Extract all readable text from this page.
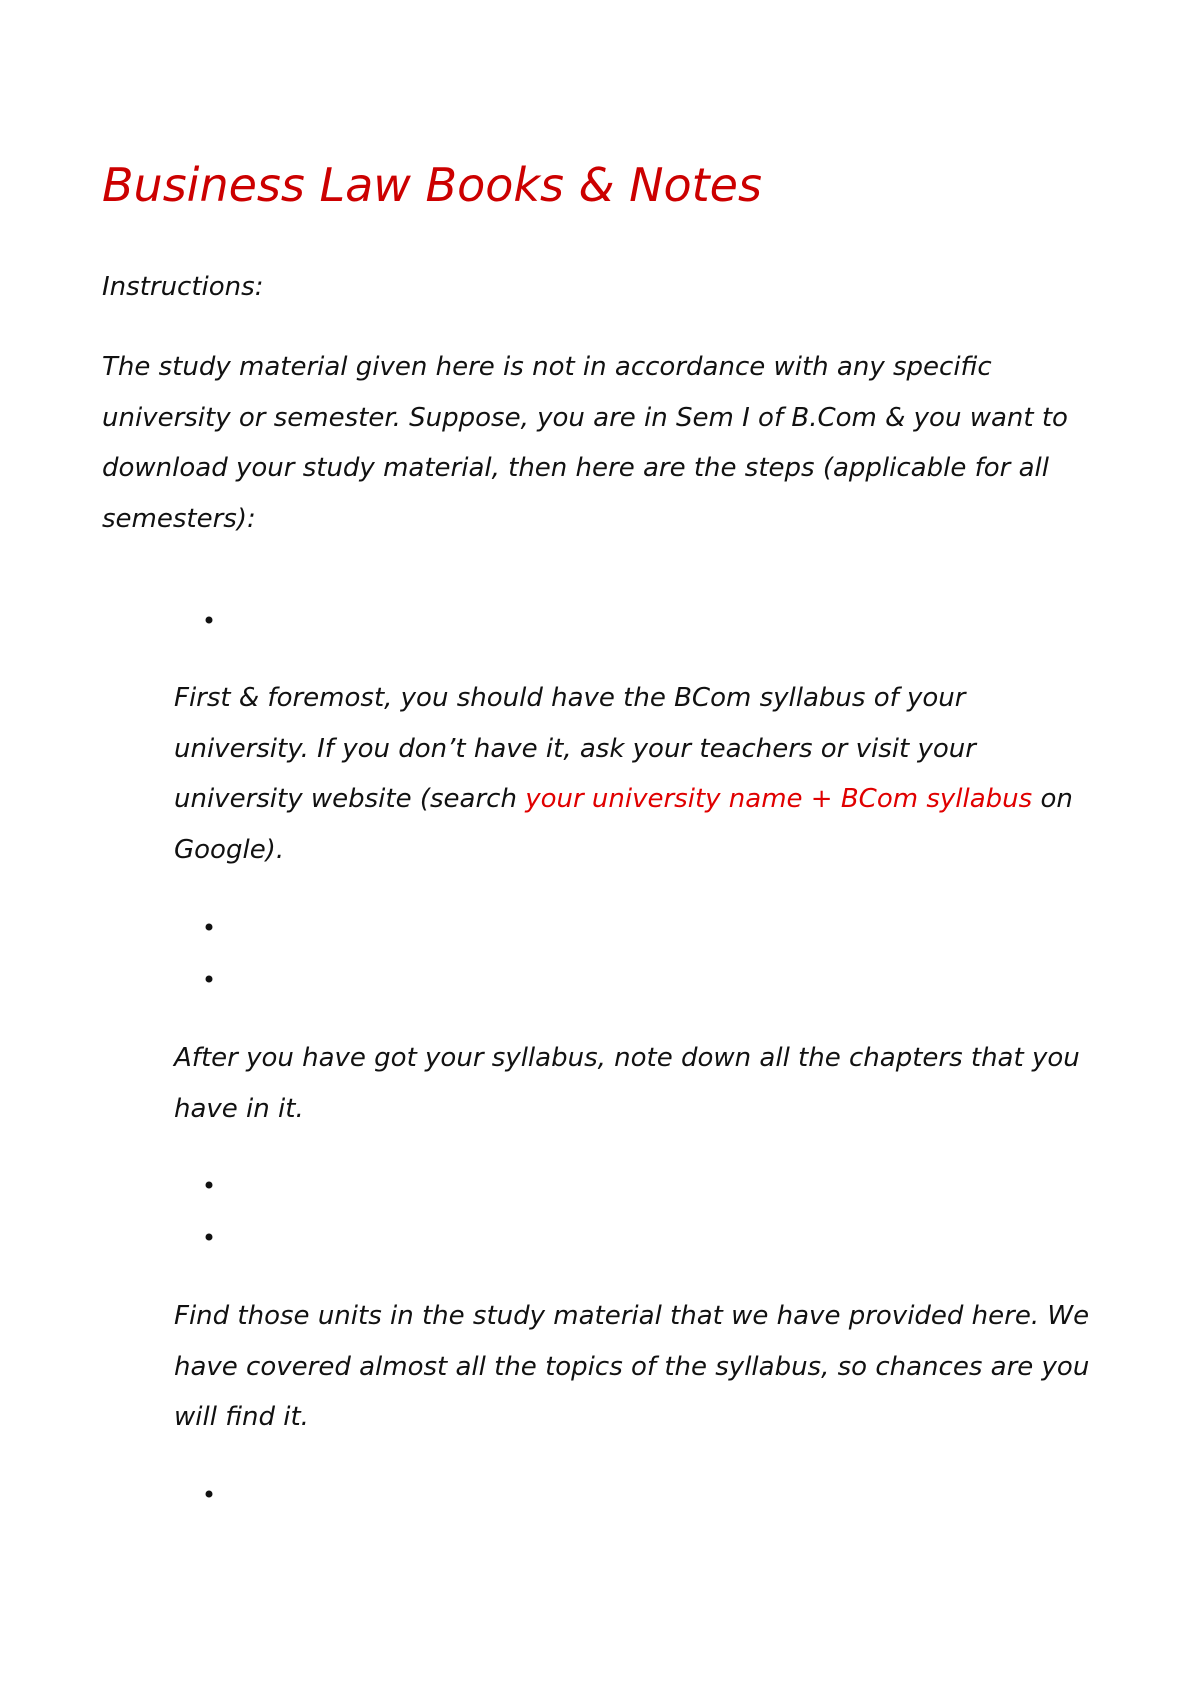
Business Law Books & Notes

Instructions:

The study material given here is not in accordance with any specific university or semester. Suppose, you are in Sem I of B.Com & you want to download your study material, then here are the steps (applicable for all semesters):

First & foremost, you should have the BCom syllabus of your university. If you don’t have it, ask your teachers or visit your university website (search your university name + BCom syllabus on Google).

After you have got your syllabus, note down all the chapters that you have in it.

Find those units in the study material that we have provided here. We have covered almost all the topics of the syllabus, so chances are you will find it.
